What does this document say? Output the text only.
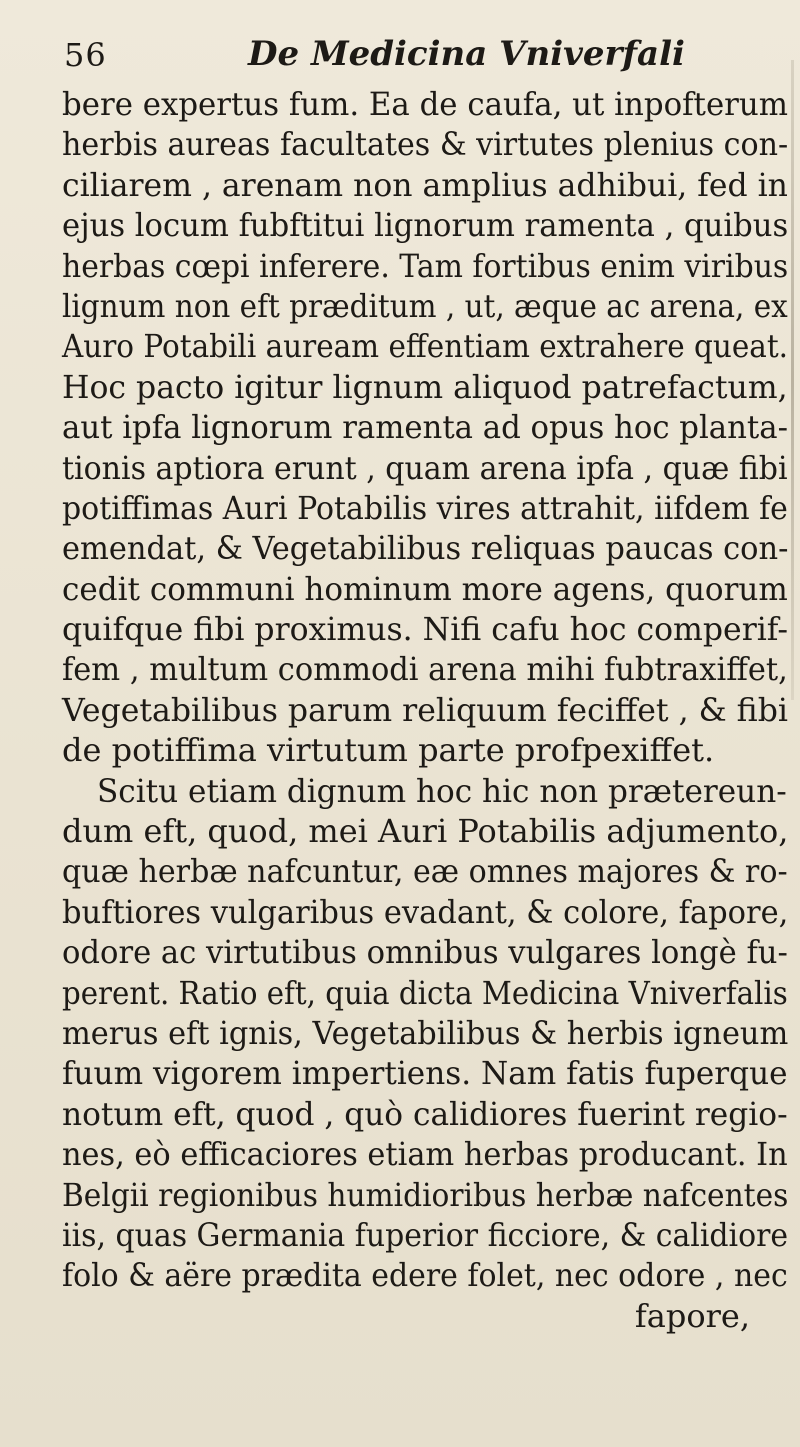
56	De Medicina Vniverfali
bere expertus fum. Ea de caufa, ut inpofterum
herbis aureas facultates & virtutes plenius con-
ciliarem , arenam non amplius adhibui, fed in
ejus locum fubftitui lignorum ramenta , quibus
herbas cœpi inferere. Tam fortibus enim viribus
lignum non eft præditum , ut, æque ac arena, ex
Auro Potabili auream effentiam extrahere queat.
Hoc pacto igitur lignum aliquod patrefactum,
aut ipfa lignorum ramenta ad opus hoc planta-
tionis aptiora erunt , quam arena ipfa , quæ fibi
potiffimas Auri Potabilis vires attrahit, iifdem fe
emendat, & Vegetabilibus reliquas paucas con-
cedit communi hominum more agens, quorum
quifque fibi proximus. Nifi cafu hoc comperif-
fem , multum commodi arena mihi fubtraxiffet,
Vegetabilibus parum reliquum feciffet , & fibi
de potiffima virtutum parte profpexiffet.
Scitu etiam dignum hoc hic non prætereun-
dum eft, quod, mei Auri Potabilis adjumento,
quæ herbæ nafcuntur, eæ omnes majores & ro-
buftiores vulgaribus evadant, & colore, fapore,
odore ac virtutibus omnibus vulgares longè fu-
perent. Ratio eft, quia dicta Medicina Vniverfalis
merus eft ignis, Vegetabilibus & herbis igneum
fuum vigorem impertiens. Nam fatis fuperque
notum eft, quod , quò calidiores fuerint regio-
nes, eò efficaciores etiam herbas producant. In
Belgii regionibus humidioribus herbæ nafcentes
iis, quas Germania fuperior ficciore, & calidiore
folo & aëre prædita edere folet, nec odore , nec
fapore,
